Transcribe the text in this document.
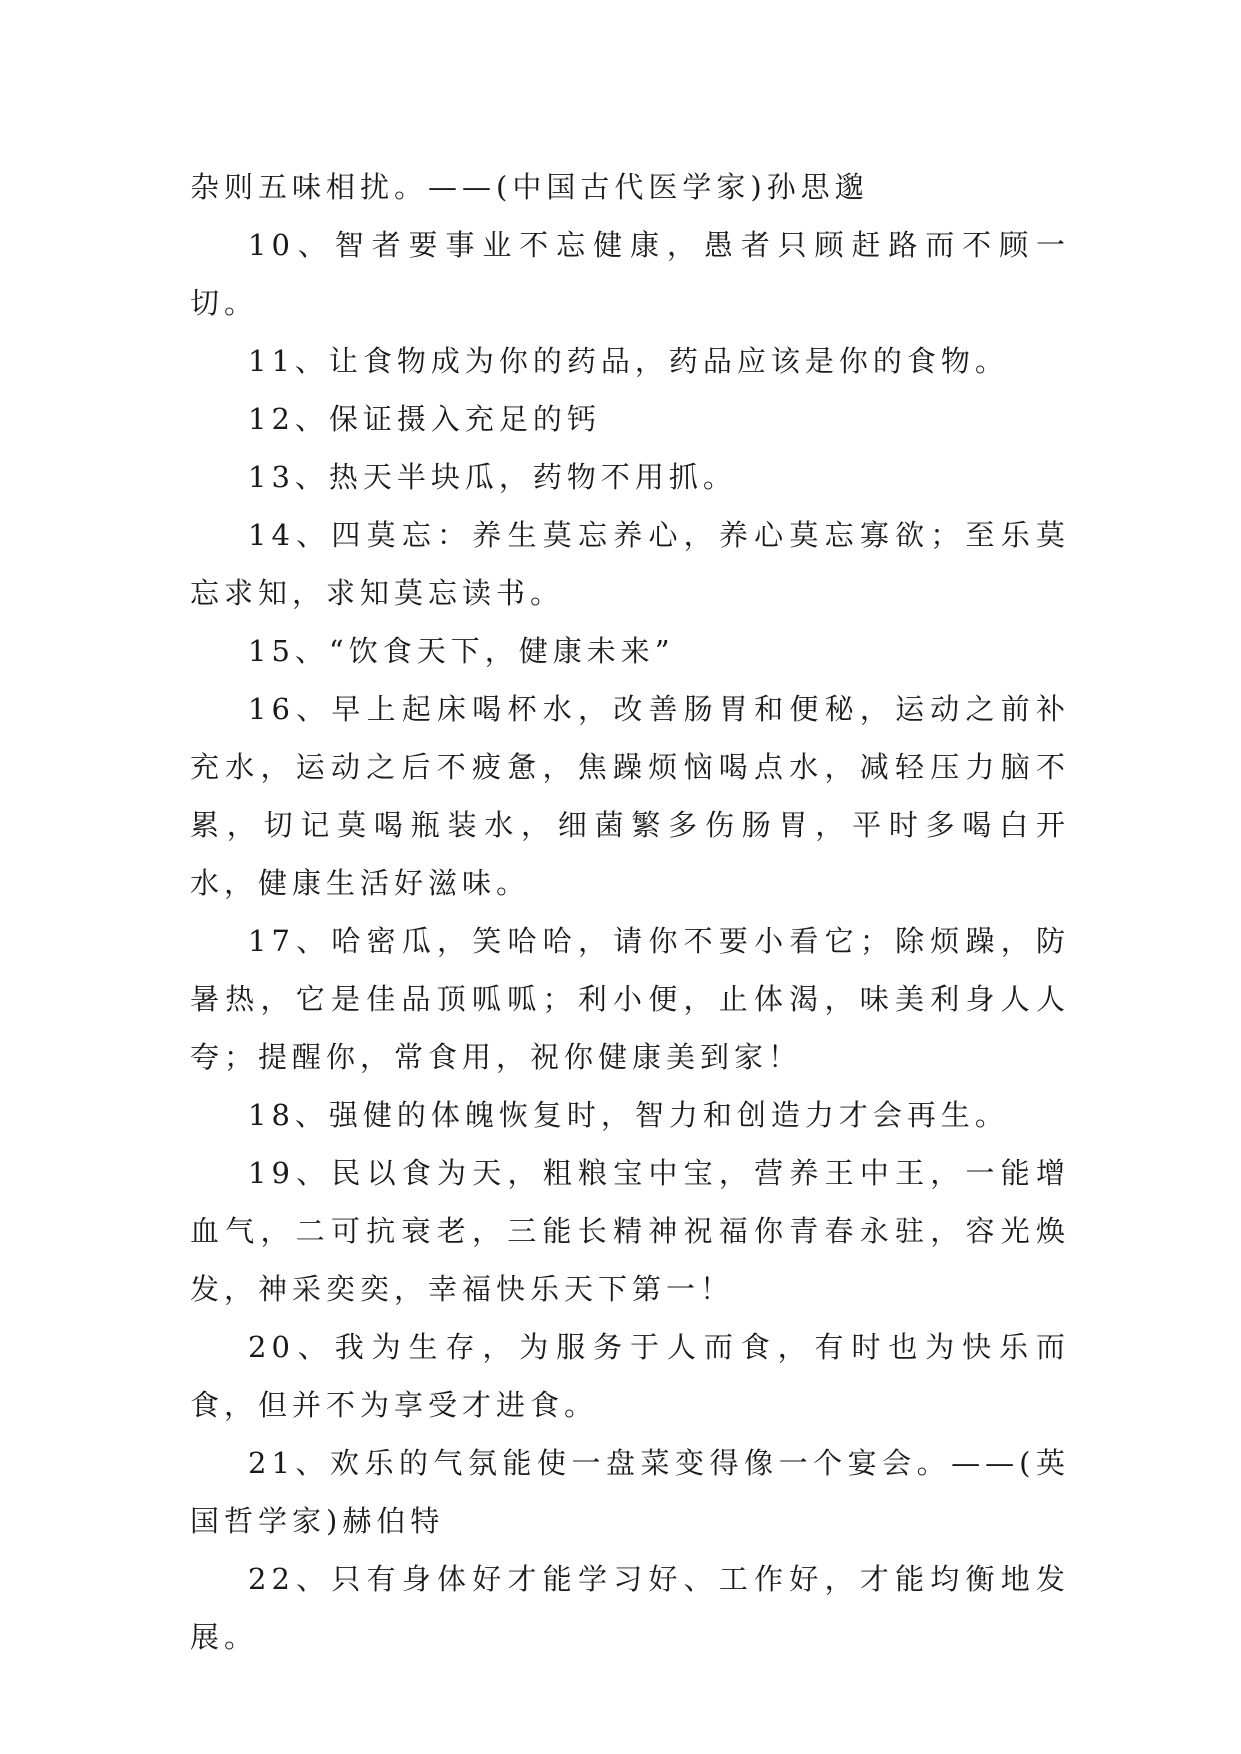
杂则五味相扰。——(中国古代医学家)孙思邈

10、智者要事业不忘健康，愚者只顾赶路而不顾一切。

11、让食物成为你的药品，药品应该是你的食物。

12、保证摄入充足的钙

13、热天半块瓜，药物不用抓。

14、四莫忘：养生莫忘养心，养心莫忘寡欲；至乐莫忘求知，求知莫忘读书。

15、“饮食天下，健康未来”

16、早上起床喝杯水，改善肠胃和便秘，运动之前补充水，运动之后不疲惫，焦躁烦恼喝点水，减轻压力脑不累，切记莫喝瓶装水，细菌繁多伤肠胃，平时多喝白开水，健康生活好滋味。

17、哈密瓜，笑哈哈，请你不要小看它；除烦躁，防暑热，它是佳品顶呱呱；利小便，止体渴，味美利身人人夸；提醒你，常食用，祝你健康美到家！

18、强健的体魄恢复时，智力和创造力才会再生。

19、民以食为天，粗粮宝中宝，营养王中王，一能增血气，二可抗衰老，三能长精神祝福你青春永驻，容光焕发，神采奕奕，幸福快乐天下第一！

20、我为生存，为服务于人而食，有时也为快乐而食，但并不为享受才进食。

21、欢乐的气氛能使一盘菜变得像一个宴会。——(英国哲学家)赫伯特

22、只有身体好才能学习好、工作好，才能均衡地发展。
